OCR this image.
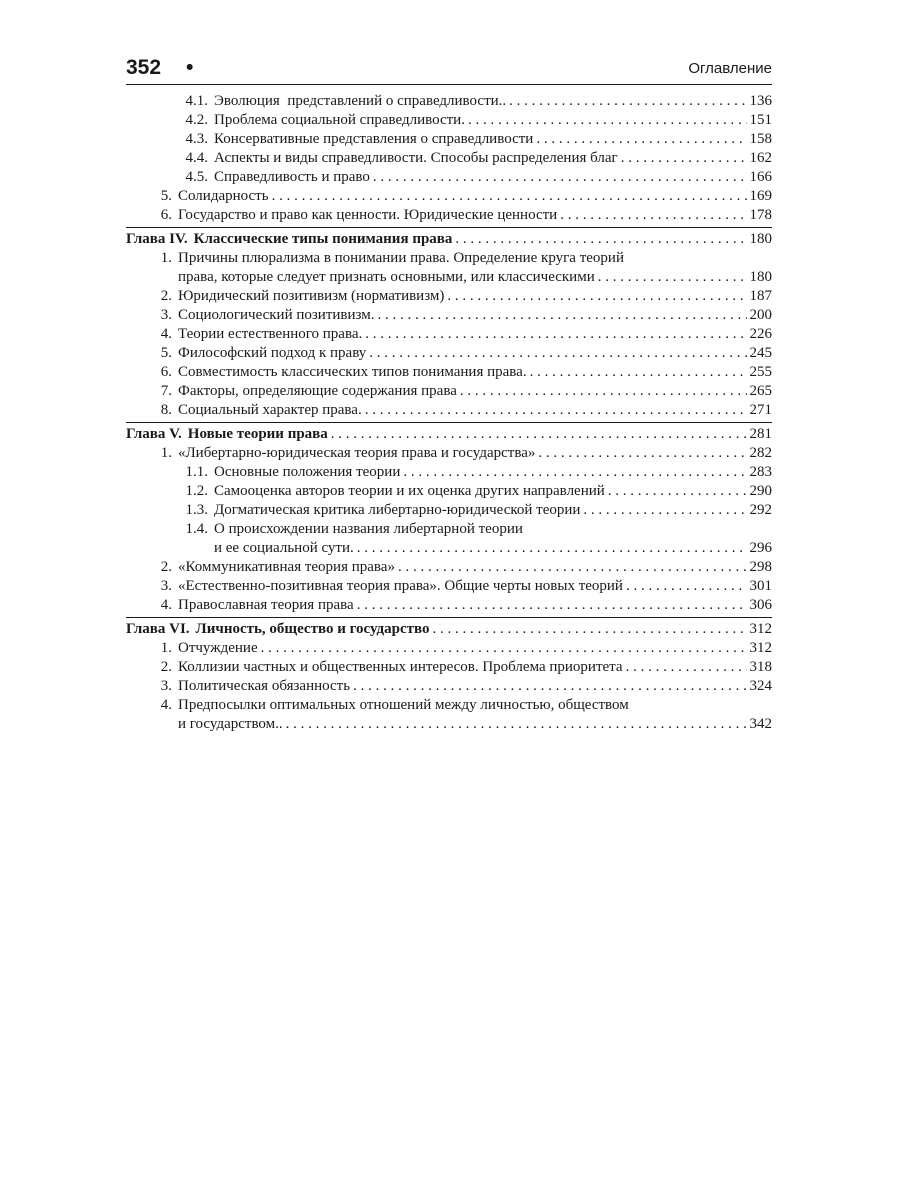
352 •	Оглавление
4.1. Эволюция  представлений о справедливости.. . . .	136
4.2. Проблема социальной справедливости. . . .	151
4.3. Консервативные представления о справедливости . . .	158
4.4. Аспекты и виды справедливости. Способы распределения благ . . .	162
4.5. Справедливость и право . . .	166
5. Солидарность . . .	169
6. Государство и право как ценности. Юридические ценности . . .	178
Глава IV. Классические типы понимания права . . .	180
1. Причины плюрализма в понимании права. Определение круга теорий
права, которые следует признать основными, или классическими . . .	180
2. Юридический позитивизм (нормативизм) . . .	187
3. Социологический позитивизм. . . .	200
4. Теории естественного права. . . .	226
5. Философский подход к праву . . .	245
6. Совместимость классических типов понимания права. . . .	255
7. Факторы, определяющие содержания права . . .	265
8. Социальный характер права. . . .	271
Глава V. Новые теории права . . .	281
1. «Либертарно-юридическая теория права и государства» . . .	282
1.1. Основные положения теории . . .	283
1.2. Самооценка авторов теории и их оценка других направлений . . .	290
1.3. Догматическая критика либертарно-юридической теории . . .	292
1.4. О происхождении названия либертарной теории
и ее социальной сути. . . .	296
2. «Коммуникативная теория права» . . .	298
3. «Естественно-позитивная теория права». Общие черты новых теорий . . .	301
4. Православная теория права . . .	306
Глава VI. Личность, общество и государство . . .	312
1. Отчуждение . . .	312
2. Коллизии частных и общественных интересов. Проблема приоритета . . .	318
3. Политическая обязанность . . .	324
4. Предпосылки оптимальных отношений между личностью, обществом
и государством.. . . .	342
